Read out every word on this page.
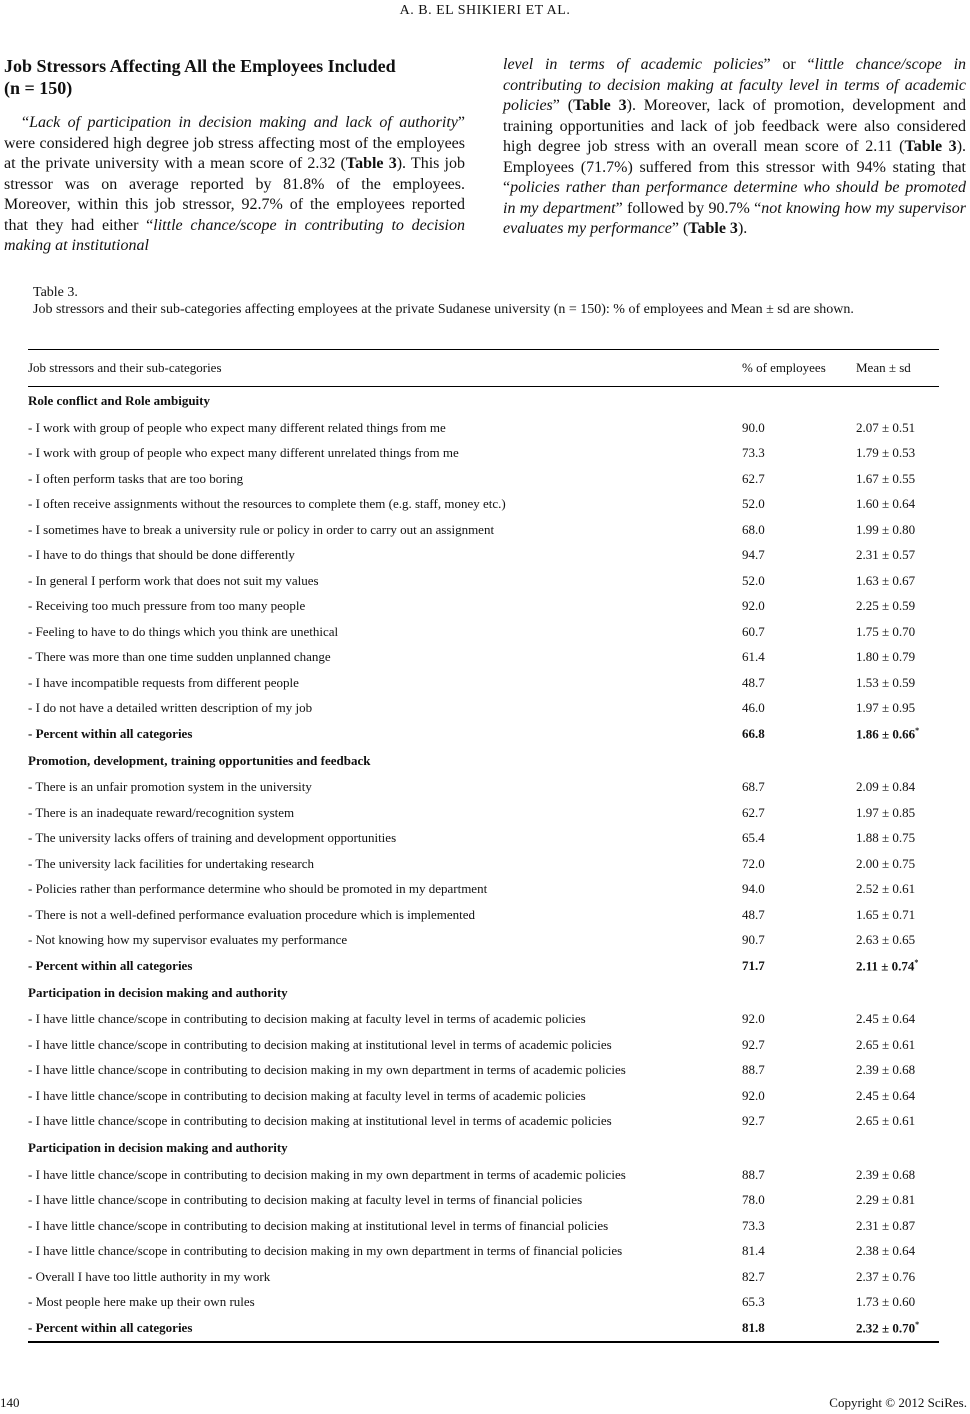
A. B. EL SHIKIERI ET AL.
Job Stressors Affecting All the Employees Included
(n = 150)

“Lack of participation in decision making and lack of authority” were considered high degree job stress affecting most of the employees at the private university with a mean score of 2.32 (Table 3). This job stressor was on average reported by 81.8% of the employees. Moreover, within this job stressor, 92.7% of the employees reported that they had either “little chance/scope in contributing to decision making at institutional

level in terms of academic policies” or “little chance/scope in contributing to decision making at faculty level in terms of academic policies” (Table 3). Moreover, lack of promotion, development and training opportunities and lack of job feedback were also considered high degree job stress with an overall mean score of 2.11 (Table 3). Employees (71.7%) suffered from this stressor with 94% stating that “policies rather than performance determine who should be promoted in my department” followed by 90.7% “not knowing how my supervisor evaluates my performance” (Table 3).

Table 3.
Job stressors and their sub-categories affecting employees at the private Sudanese university (n = 150): % of employees and Mean ± sd are shown.
Job stressors and their sub-categories	% of employees	Mean ± sd
Role conflict and Role ambiguity		
- I work with group of people who expect many different related things from me	90.0	2.07 ± 0.51
- I work with group of people who expect many different unrelated things from me	73.3	1.79 ± 0.53
- I often perform tasks that are too boring	62.7	1.67 ± 0.55
- I often receive assignments without the resources to complete them (e.g. staff, money etc.)	52.0	1.60 ± 0.64
- I sometimes have to break a university rule or policy in order to carry out an assignment	68.0	1.99 ± 0.80
- I have to do things that should be done differently	94.7	2.31 ± 0.57
- In general I perform work that does not suit my values	52.0	1.63 ± 0.67
- Receiving too much pressure from too many people	92.0	2.25 ± 0.59
- Feeling to have to do things which you think are unethical	60.7	1.75 ± 0.70
- There was more than one time sudden unplanned change	61.4	1.80 ± 0.79
- I have incompatible requests from different people	48.7	1.53 ± 0.59
- I do not have a detailed written description of my job	46.0	1.97 ± 0.95
- Percent within all categories	66.8	1.86 ± 0.66*
Promotion, development, training opportunities and feedback		
- There is an unfair promotion system in the university	68.7	2.09 ± 0.84
- There is an inadequate reward/recognition system	62.7	1.97 ± 0.85
- The university lacks offers of training and development opportunities	65.4	1.88 ± 0.75
- The university lack facilities for undertaking research	72.0	2.00 ± 0.75
- Policies rather than performance determine who should be promoted in my department	94.0	2.52 ± 0.61
- There is not a well-defined performance evaluation procedure which is implemented	48.7	1.65 ± 0.71
- Not knowing how my supervisor evaluates my performance	90.7	2.63 ± 0.65
- Percent within all categories	71.7	2.11 ± 0.74*
Participation in decision making and authority		
- I have little chance/scope in contributing to decision making at faculty level in terms of academic policies	92.0	2.45 ± 0.64
- I have little chance/scope in contributing to decision making at institutional level in terms of academic policies	92.7	2.65 ± 0.61
- I have little chance/scope in contributing to decision making in my own department in terms of academic policies	88.7	2.39 ± 0.68
- I have little chance/scope in contributing to decision making at faculty level in terms of academic policies	92.0	2.45 ± 0.64
- I have little chance/scope in contributing to decision making at institutional level in terms of academic policies	92.7	2.65 ± 0.61
Participation in decision making and authority		
- I have little chance/scope in contributing to decision making in my own department in terms of academic policies	88.7	2.39 ± 0.68
- I have little chance/scope in contributing to decision making at faculty level in terms of financial policies	78.0	2.29 ± 0.81
- I have little chance/scope in contributing to decision making at institutional level in terms of financial policies	73.3	2.31 ± 0.87
- I have little chance/scope in contributing to decision making in my own department in terms of financial policies	81.4	2.38 ± 0.64
- Overall I have too little authority in my work	82.7	2.37 ± 0.76
- Most people here make up their own rules	65.3	1.73 ± 0.60
- Percent within all categories	81.8	2.32 ± 0.70*
140	Copyright © 2012 SciRes.
